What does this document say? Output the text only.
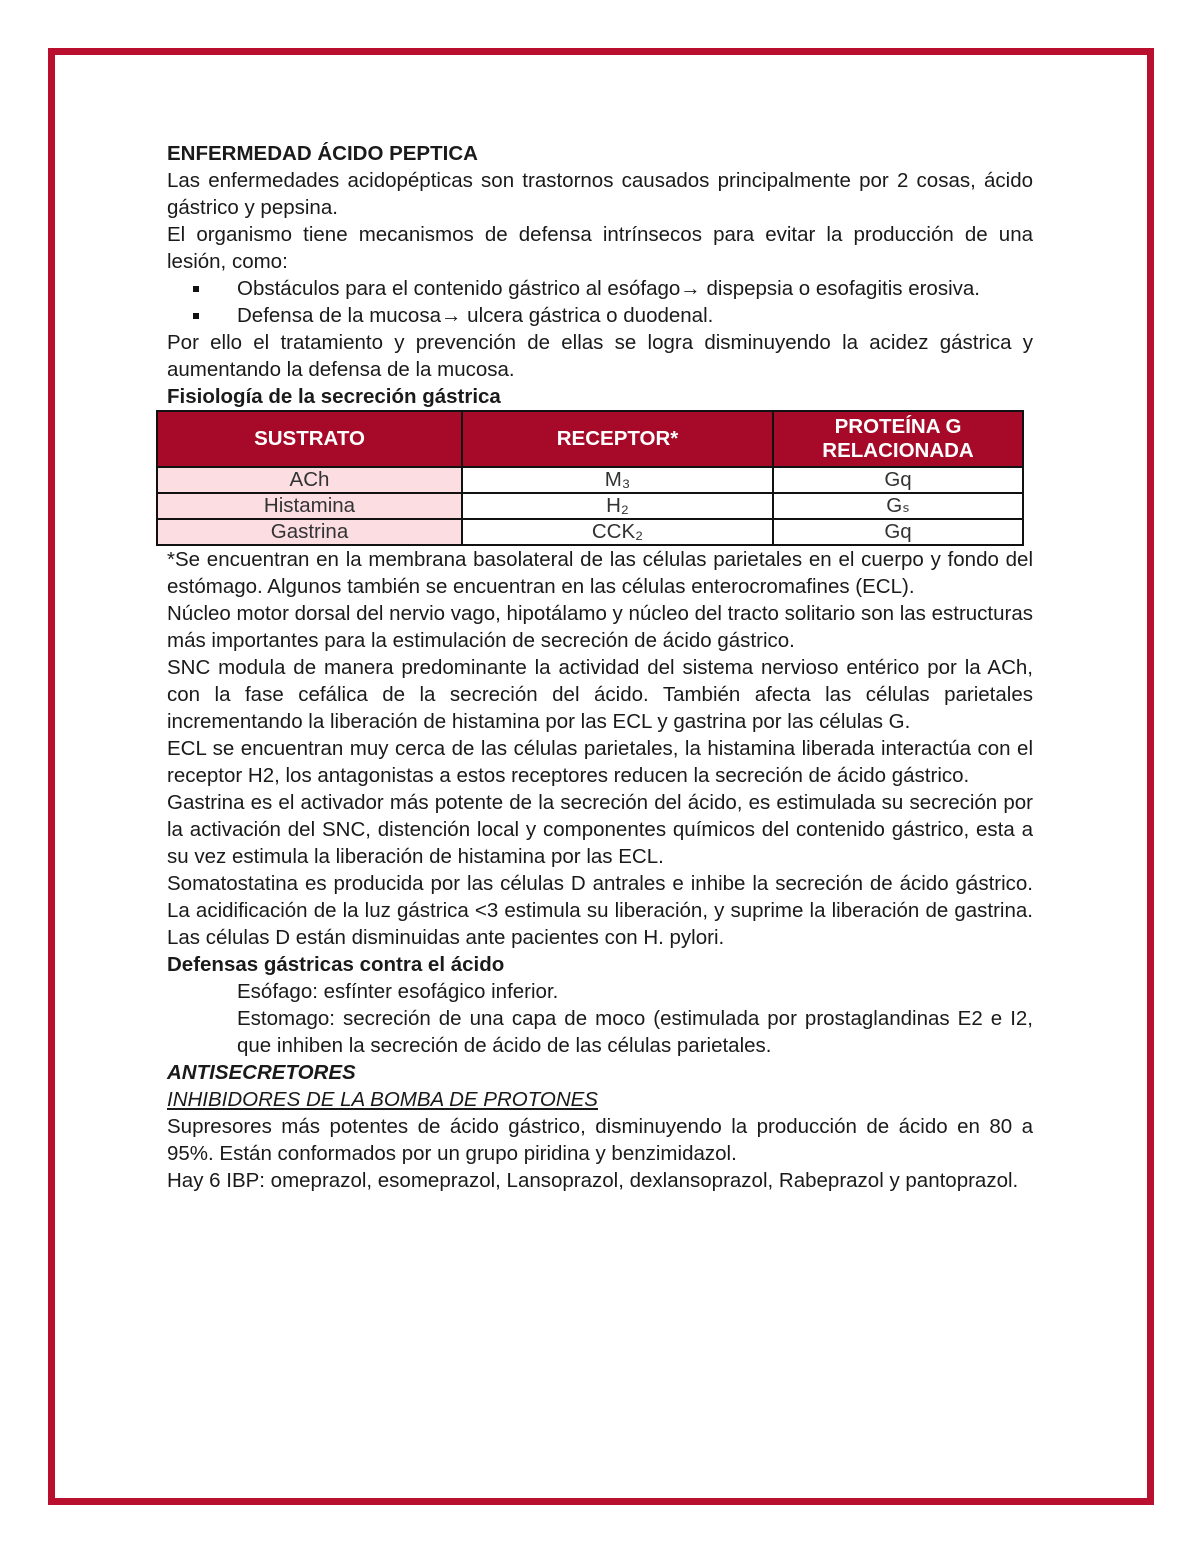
ENFERMEDAD ÁCIDO PEPTICA

Las enfermedades acidopépticas son trastornos causados principalmente por 2 cosas, ácido gástrico y pepsina.

El organismo tiene mecanismos de defensa intrínsecos para evitar la producción de una lesión, como:

Obstáculos para el contenido gástrico al esófago→ dispepsia o esofagitis erosiva.
Defensa de la mucosa→ ulcera gástrica o duodenal.

Por ello el tratamiento y prevención de ellas se logra disminuyendo la acidez gástrica y aumentando la defensa de la mucosa.

Fisiología de la secreción gástrica

SUSTRATO	RECEPTOR*	PROTEÍNA G RELACIONADA
ACh	M₃	Gq
Histamina	H₂	Gₛ
Gastrina	CCK₂	Gq

*Se encuentran en la membrana basolateral de las células parietales en el cuerpo y fondo del estómago. Algunos también se encuentran en las células enterocromafines (ECL).

Núcleo motor dorsal del nervio vago, hipotálamo y núcleo del tracto solitario son las estructuras más importantes para la estimulación de secreción de ácido gástrico.

SNC modula de manera predominante la actividad del sistema nervioso entérico por la ACh, con la fase cefálica de la secreción del ácido. También afecta las células parietales incrementando la liberación de histamina por las ECL y gastrina por las células G.

ECL se encuentran muy cerca de las células parietales, la histamina liberada interactúa con el receptor H2, los antagonistas a estos receptores reducen la secreción de ácido gástrico.

Gastrina es el activador más potente de la secreción del ácido, es estimulada su secreción por la activación del SNC, distención local y componentes químicos del contenido gástrico, esta a su vez estimula la liberación de histamina por las ECL.

Somatostatina es producida por las células D antrales e inhibe la secreción de ácido gástrico. La acidificación de la luz gástrica <3 estimula su liberación, y suprime la liberación de gastrina. Las células D están disminuidas ante pacientes con H. pylori.

Defensas gástricas contra el ácido

Esófago: esfínter esofágico inferior.

Estomago: secreción de una capa de moco (estimulada por prostaglandinas E2 e I2, que inhiben la secreción de ácido de las células parietales.

ANTISECRETORES

INHIBIDORES DE LA BOMBA DE PROTONES

Supresores más potentes de ácido gástrico, disminuyendo la producción de ácido en 80 a 95%. Están conformados por un grupo piridina y benzimidazol.

Hay 6 IBP: omeprazol, esomeprazol, Lansoprazol, dexlansoprazol, Rabeprazol y pantoprazol.
